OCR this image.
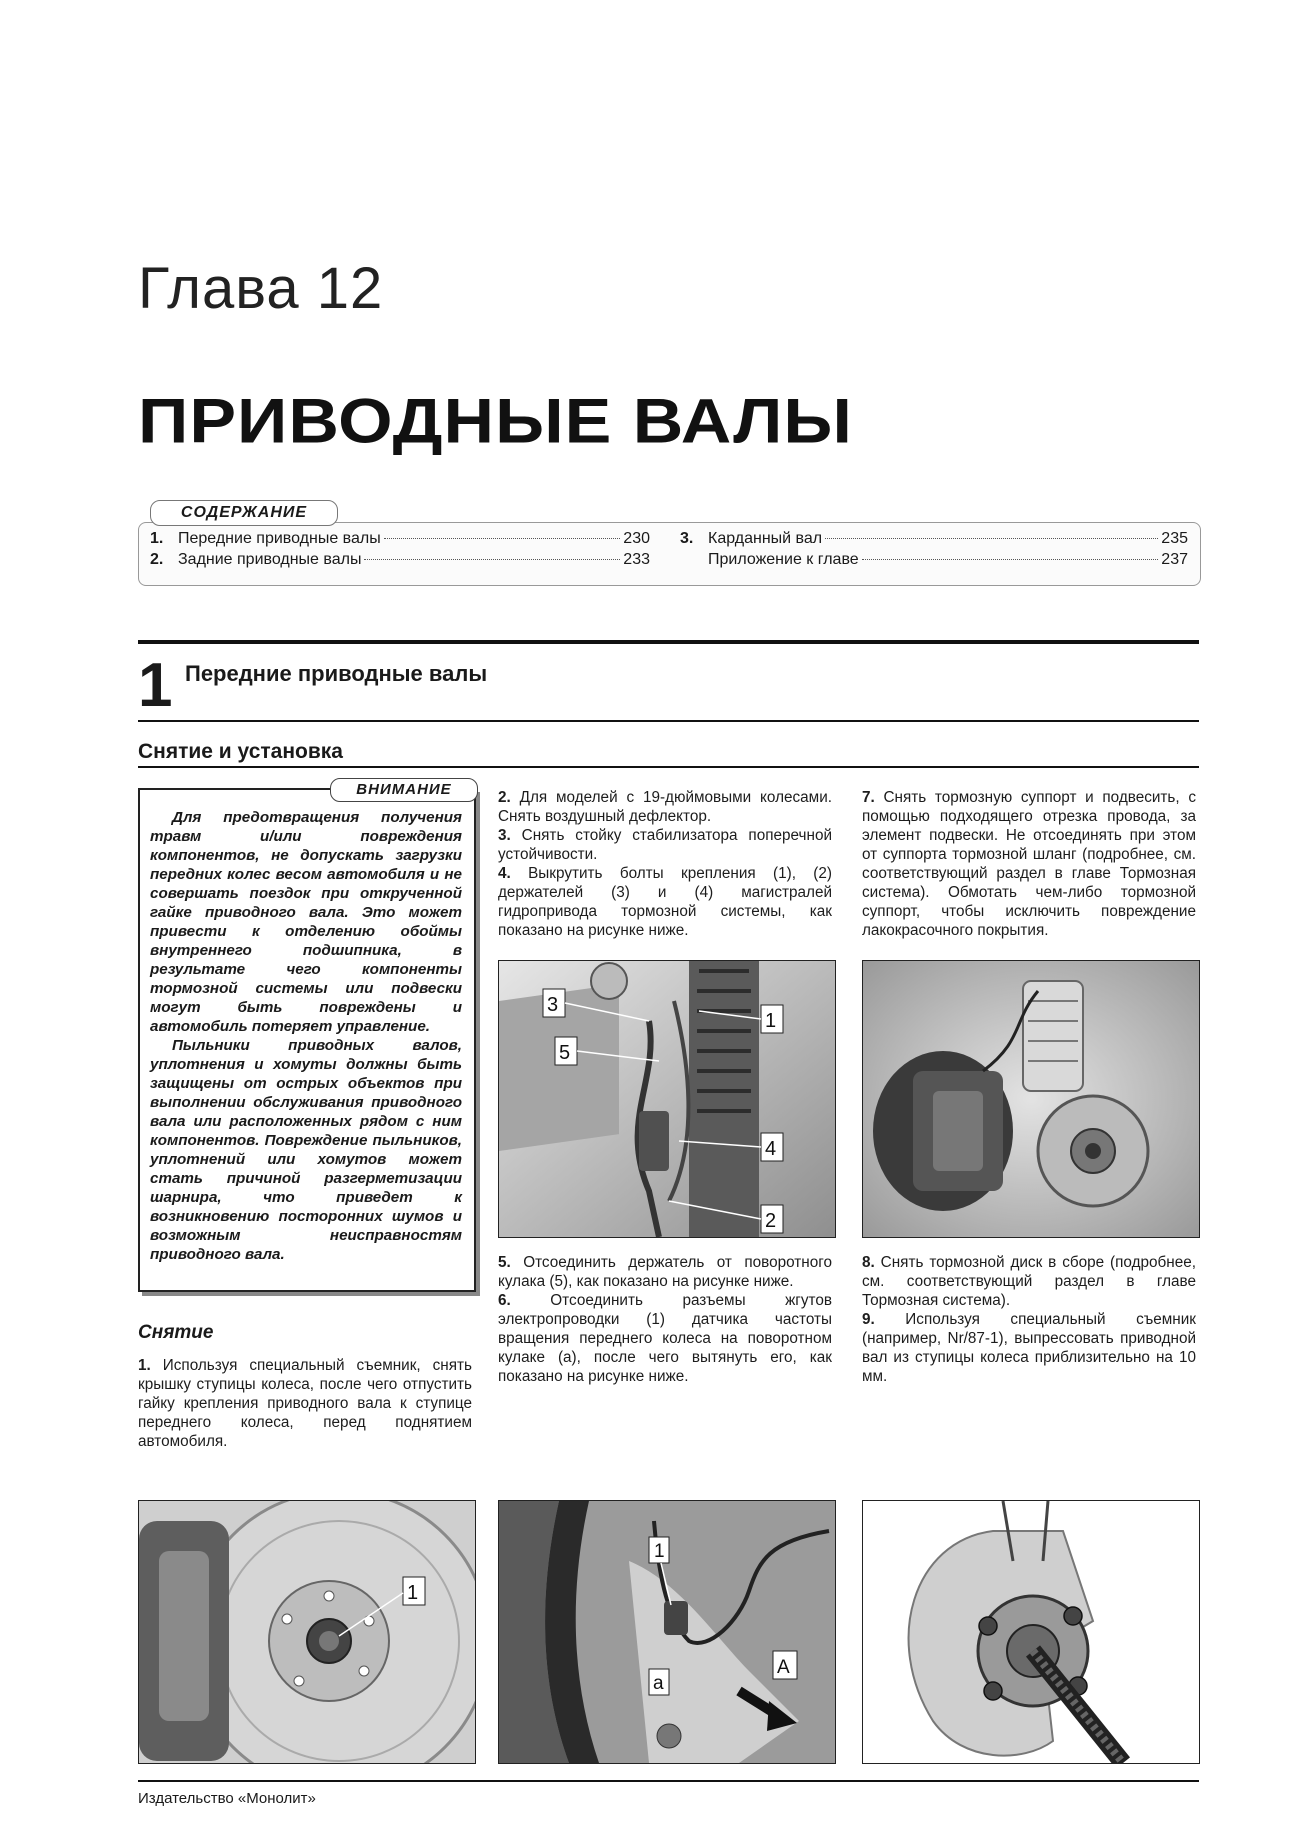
Глава 12
ПРИВОДНЫЕ ВАЛЫ
СОДЕРЖАНИЕ
1. Передние приводные валы	230
2. Задние приводные валы	233
3. Карданный вал	235
Приложение к главе	237
1 Передние приводные валы
Снятие и установка
ВНИМАНИЕ

Для предотвращения получения травм и/или повреждения компонентов, не допускать загрузки передних колес весом автомобиля и не совершать поездок при открученной гайке приводного вала. Это может привести к отделению обоймы внутреннего подшипника, в результате чего компоненты тормозной системы или подвески могут быть повреждены и автомобиль потеряет управление.

Пыльники приводных валов, уплотнения и хомуты должны быть защищены от острых объектов при выполнении обслуживания приводного вала или расположенных рядом с ним компонентов. Повреждение пыльников, уплотнений или хомутов может стать причиной разгерметизации шарнира, что приведет к возникновению посторонних шумов и возможным неисправностям приводного вала.

Снятие

1. Используя специальный съемник, снять крышку ступицы колеса, после чего отпустить гайку крепления приводного вала к ступице переднего колеса, перед поднятием автомобиля.

2. Для моделей с 19-дюймовыми колесами. Снять воздушный дефлектор.

3. Снять стойку стабилизатора поперечной устойчивости.

4. Выкрутить болты крепления (1), (2) держателей (3) и (4) магистралей гидропривода тормозной системы, как показано на рисунке ниже.

5. Отсоединить держатель от поворотного кулака (5), как показано на рисунке ниже.

6.	Отсоединить разъемы жгутов электропроводки (1) датчика частоты вращения переднего колеса на поворотном кулаке (a), после чего вытянуть его, как показано на рисунке ниже.

7. Снять тормозную суппорт и подвесить, с помощью подходящего отрезка провода, за элемент подвески. Не отсоединять при этом от суппорта тормозной шланг (подробнее, см. соответствующий раздел в главе Тормозная система). Обмотать чем-либо тормозной суппорт, чтобы исключить повреждение лакокрасочного покрытия.

8. Снять тормозной диск в сборе (подробнее, см. соответствующий раздел в главе Тормозная система).

9. Используя специальный съемник (например, Nr/87-1), выпрессовать приводной вал из ступицы колеса приблизительно на 10 мм.

1
2
3
4
5
1
1
a
A
Издательство «Монолит»
